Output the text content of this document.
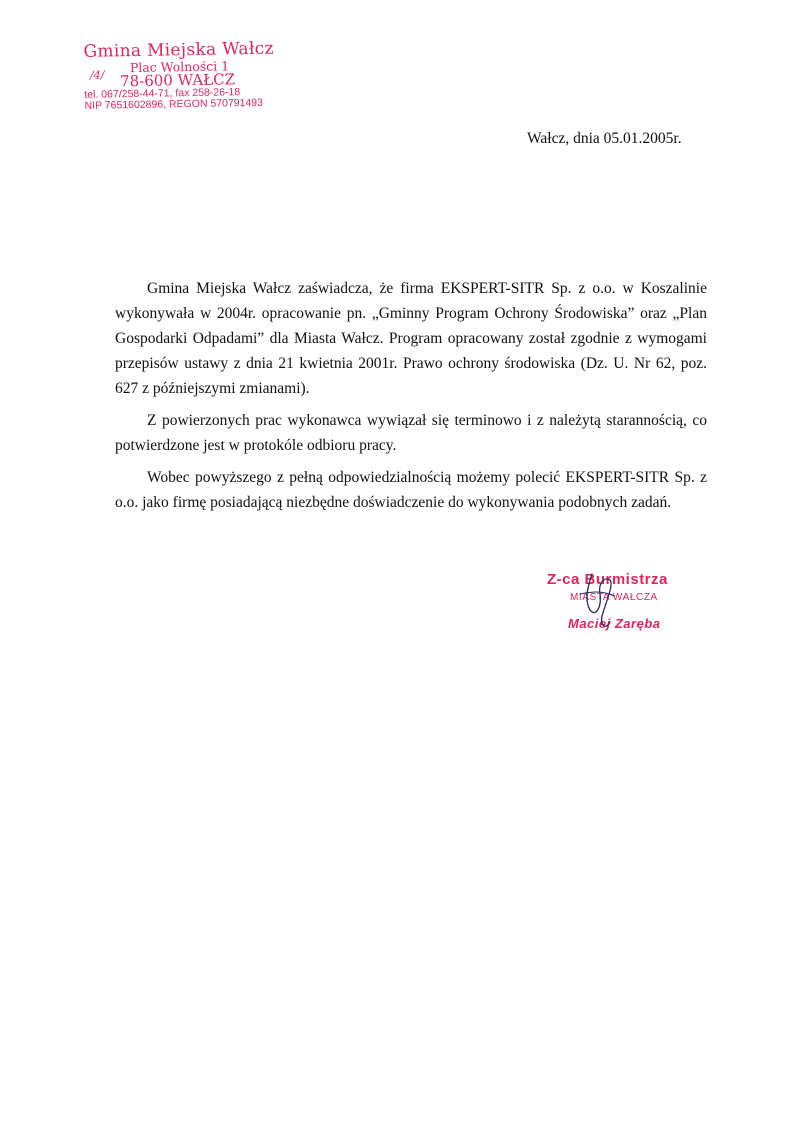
Gmina Miejska Wałcz
/4/
Plac Wolności 1
78-600 WAŁCZ
tel. 067/258-44-71, fax 258-26-18
NIP 7651602896, REGON 570791493
Wałcz, dnia 05.01.2005r.

Gmina Miejska Wałcz zaświadcza, że firma EKSPERT-SITR Sp. z o.o. w Koszalinie wykonywała w 2004r. opracowanie pn. „Gminny Program Ochrony Środowiska” oraz „Plan Gospodarki Odpadami” dla Miasta Wałcz. Program opracowany został zgodnie z wymogami przepisów ustawy z dnia 21 kwietnia 2001r. Prawo ochrony środowiska (Dz. U. Nr 62, poz. 627 z późniejszymi zmianami).

Z powierzonych prac wykonawca wywiązał się terminowo i z należytą starannością, co potwierdzone jest w protokóle odbioru pracy.

Wobec powyższego z pełną odpowiedzialnością możemy polecić EKSPERT-SITR Sp. z o.o. jako firmę posiadającą niezbędne doświadczenie do wykonywania podobnych zadań.

Z-ca Burmistrza
MIASTA WAŁCZA
Maciej Zaręba
